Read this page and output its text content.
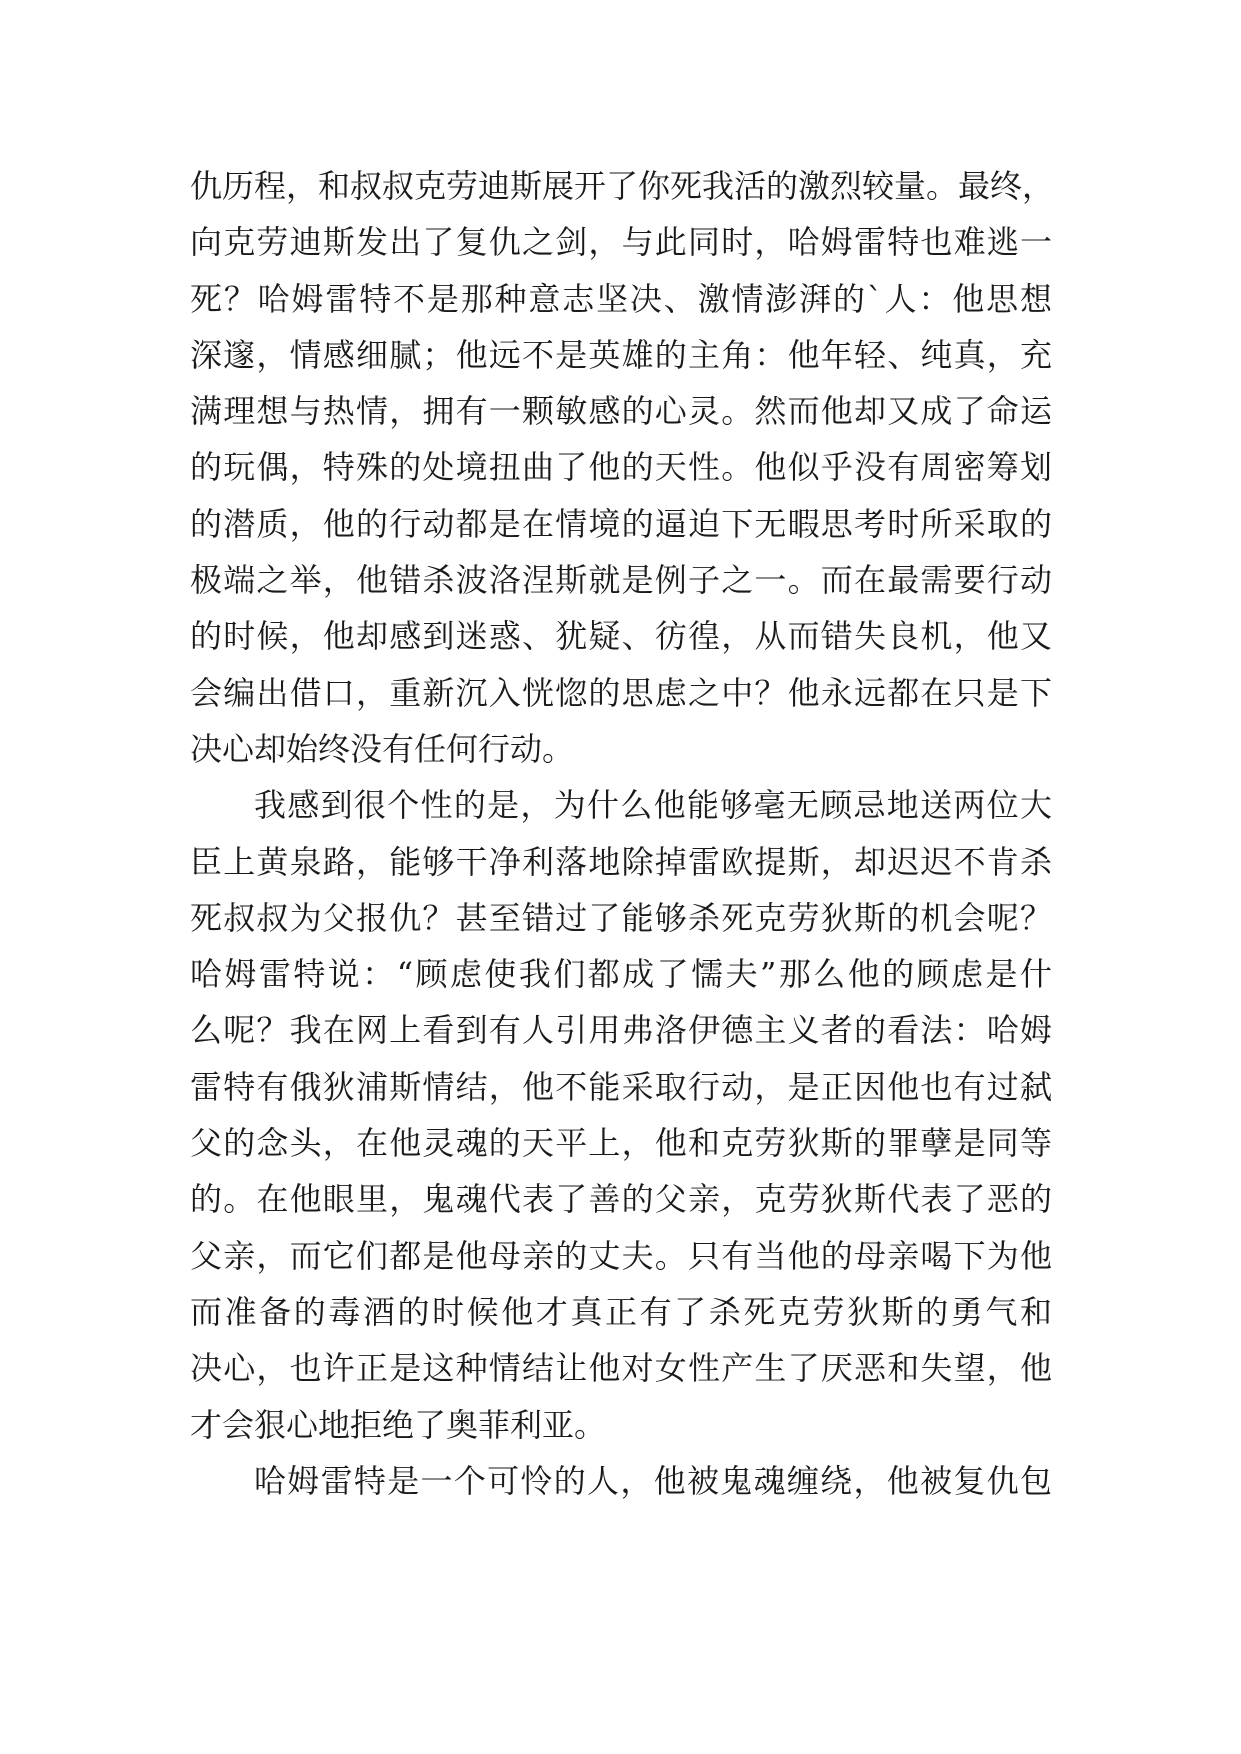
仇历程，和叔叔克劳迪斯展开了你死我活的激烈较量。最终，
向克劳迪斯发出了复仇之剑，与此同时，哈姆雷特也难逃一
死？哈姆雷特不是那种意志坚决、激情澎湃的`人：他思想
深邃，情感细腻；他远不是英雄的主角：他年轻、纯真，充
满理想与热情，拥有一颗敏感的心灵。然而他却又成了命运
的玩偶，特殊的处境扭曲了他的天性。他似乎没有周密筹划
的潜质，他的行动都是在情境的逼迫下无暇思考时所采取的
极端之举，他错杀波洛涅斯就是例子之一。而在最需要行动
的时候，他却感到迷惑、犹疑、彷徨，从而错失良机，他又
会编出借口，重新沉入恍惚的思虑之中？他永远都在只是下
决心却始终没有任何行动。
我感到很个性的是，为什么他能够毫无顾忌地送两位大
臣上黄泉路，能够干净利落地除掉雷欧提斯，却迟迟不肯杀
死叔叔为父报仇？甚至错过了能够杀死克劳狄斯的机会呢？
哈姆雷特说：“顾虑使我们都成了懦夫”那么他的顾虑是什
么呢？我在网上看到有人引用弗洛伊德主义者的看法：哈姆
雷特有俄狄浦斯情结，他不能采取行动，是正因他也有过弑
父的念头，在他灵魂的天平上，他和克劳狄斯的罪孽是同等
的。在他眼里，鬼魂代表了善的父亲，克劳狄斯代表了恶的
父亲，而它们都是他母亲的丈夫。只有当他的母亲喝下为他
而准备的毒酒的时候他才真正有了杀死克劳狄斯的勇气和
决心，也许正是这种情结让他对女性产生了厌恶和失望，他
才会狠心地拒绝了奥菲利亚。
哈姆雷特是一个可怜的人，他被鬼魂缠绕，他被复仇包
